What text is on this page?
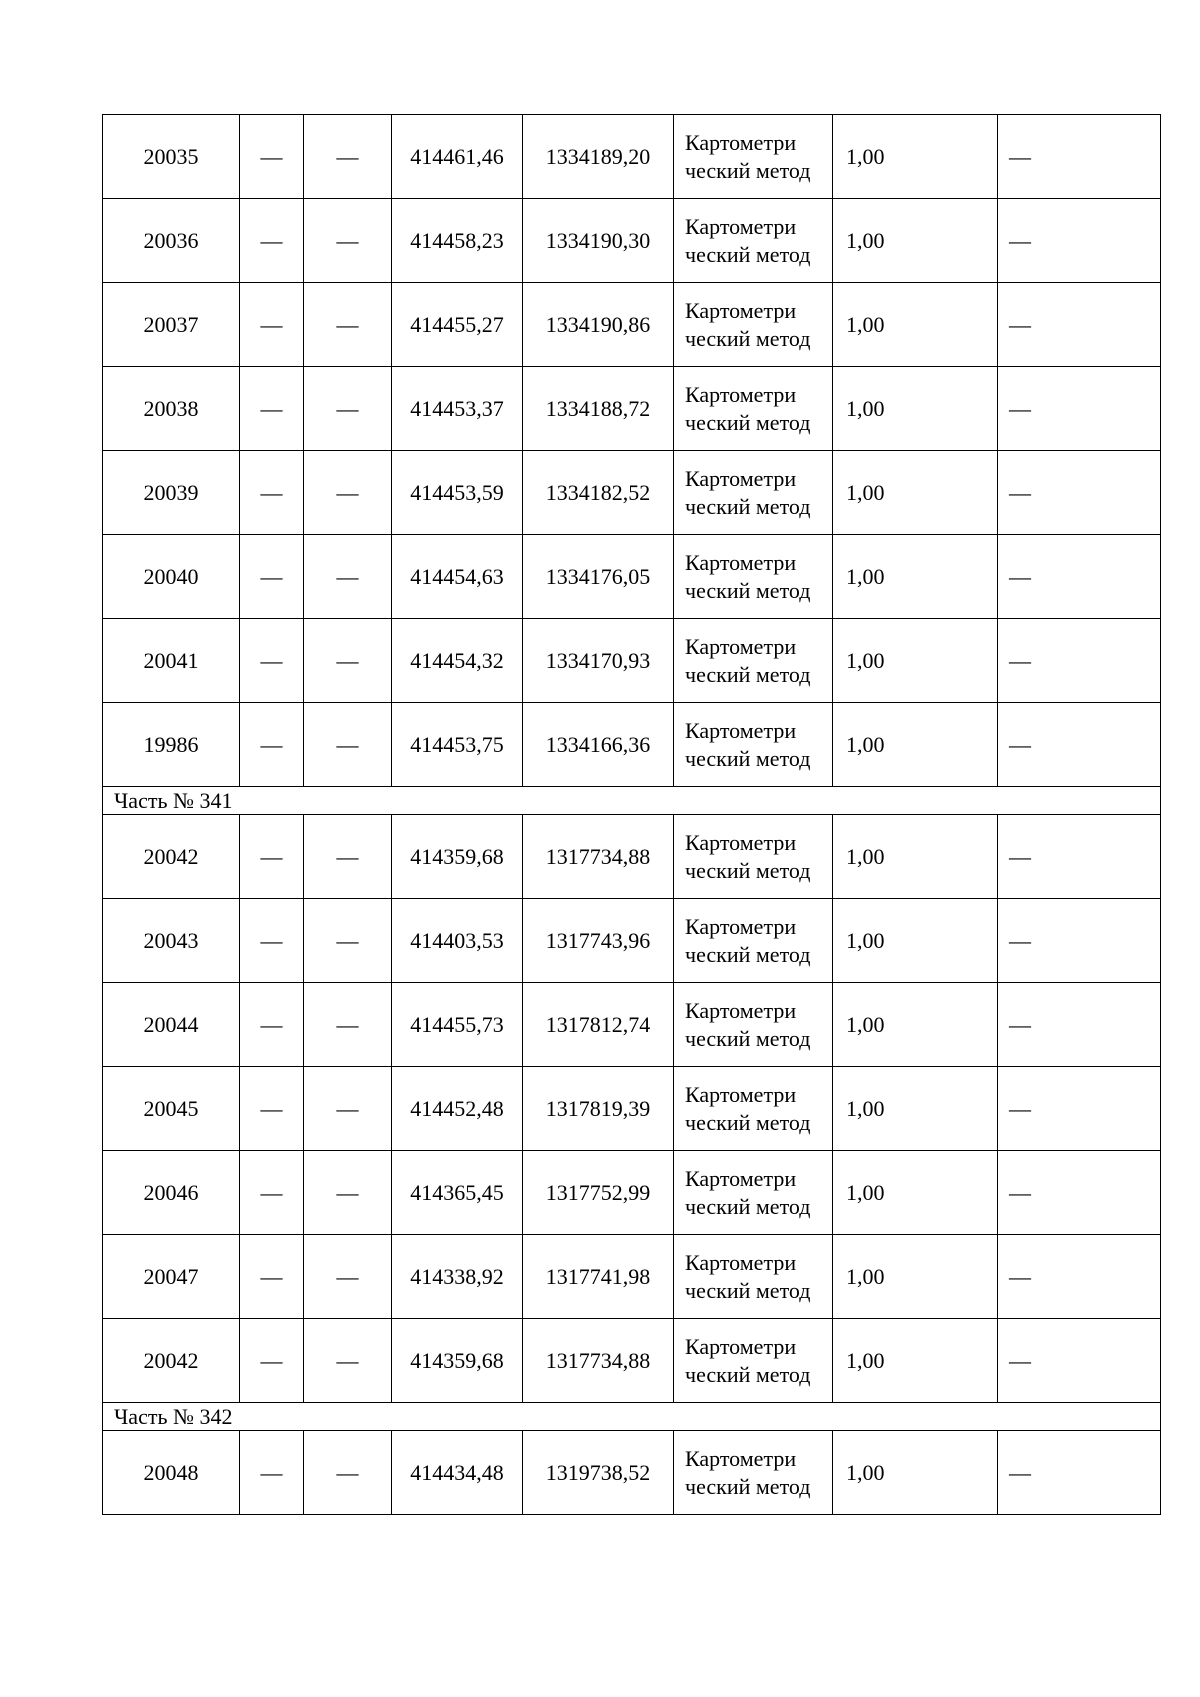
20035	—	—	414461,46	1334189,20	Картометри ческий метод	1,00	—
20036	—	—	414458,23	1334190,30	Картометри ческий метод	1,00	—
20037	—	—	414455,27	1334190,86	Картометри ческий метод	1,00	—
20038	—	—	414453,37	1334188,72	Картометри ческий метод	1,00	—
20039	—	—	414453,59	1334182,52	Картометри ческий метод	1,00	—
20040	—	—	414454,63	1334176,05	Картометри ческий метод	1,00	—
20041	—	—	414454,32	1334170,93	Картометри ческий метод	1,00	—
19986	—	—	414453,75	1334166,36	Картометри ческий метод	1,00	—
Часть № 341							
20042	—	—	414359,68	1317734,88	Картометри ческий метод	1,00	—
20043	—	—	414403,53	1317743,96	Картометри ческий метод	1,00	—
20044	—	—	414455,73	1317812,74	Картометри ческий метод	1,00	—
20045	—	—	414452,48	1317819,39	Картометри ческий метод	1,00	—
20046	—	—	414365,45	1317752,99	Картометри ческий метод	1,00	—
20047	—	—	414338,92	1317741,98	Картометри ческий метод	1,00	—
20042	—	—	414359,68	1317734,88	Картометри ческий метод	1,00	—
Часть № 342							
20048	—	—	414434,48	1319738,52	Картометри ческий метод	1,00	—
